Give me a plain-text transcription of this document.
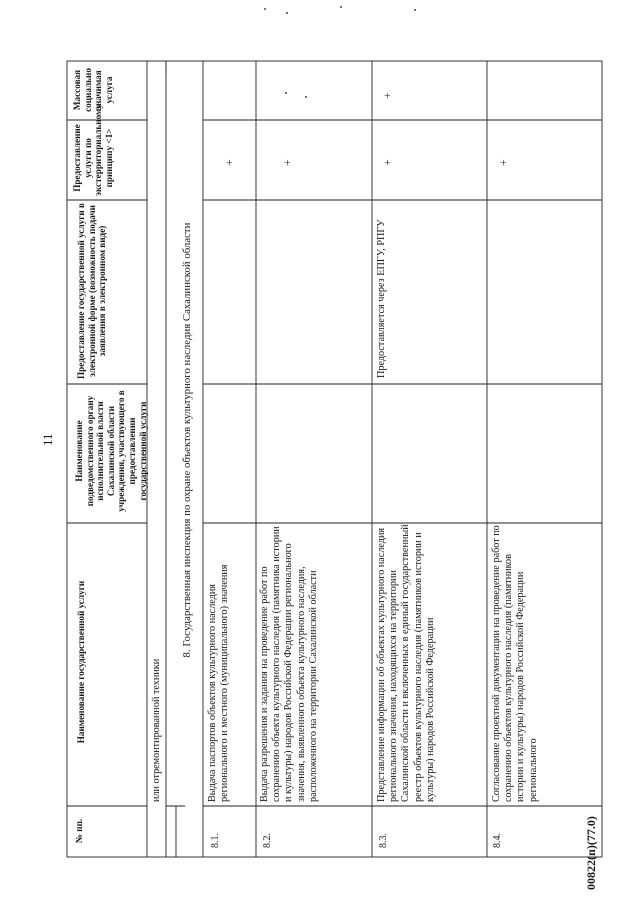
11
00822(п)(77.0)
№ пп.
Наименование государственной услуги
Наименование подведомственного органу исполнительной власти Сахалинской области учреждения, участвующего в предоставлении государственной услуги
Предоставление государственной услуги в электронной форме (возможность подачи заявления в электронном виде)
Предоставление услуги по экстерриториальному принципу <1>
Массовая социально значимая услуга
или отремонтированной техники
8. Государственная инспекция по охране объектов культурного наследия Сахалинской области
8.1.
Выдача паспортов объектов культурного наследия регионального и местного (муниципального) значения
+
8.2.
Выдача разрешения и задания на проведение работ по сохранению объекта культурного наследия (памятника истории и культуры) народов Российской Федерации регионального значения, выявленного объекта культурного наследия, расположенного на территории Сахалинской области
+
8.3.
Представление информации об объектах культурного наследия регионального значения, находящихся на территории Сахалинской области и включенных в единый государственный реестр объектов культурного наследия (памятников истории и культуры) народов Российской Федерации
Предоставляется через ЕПГУ, РПГУ
+
+
8.4.
Согласование проектной документации на проведение работ по сохранению объектов культурного наследия (памятников истории и культуры) народов Российской Федерации регионального
+
